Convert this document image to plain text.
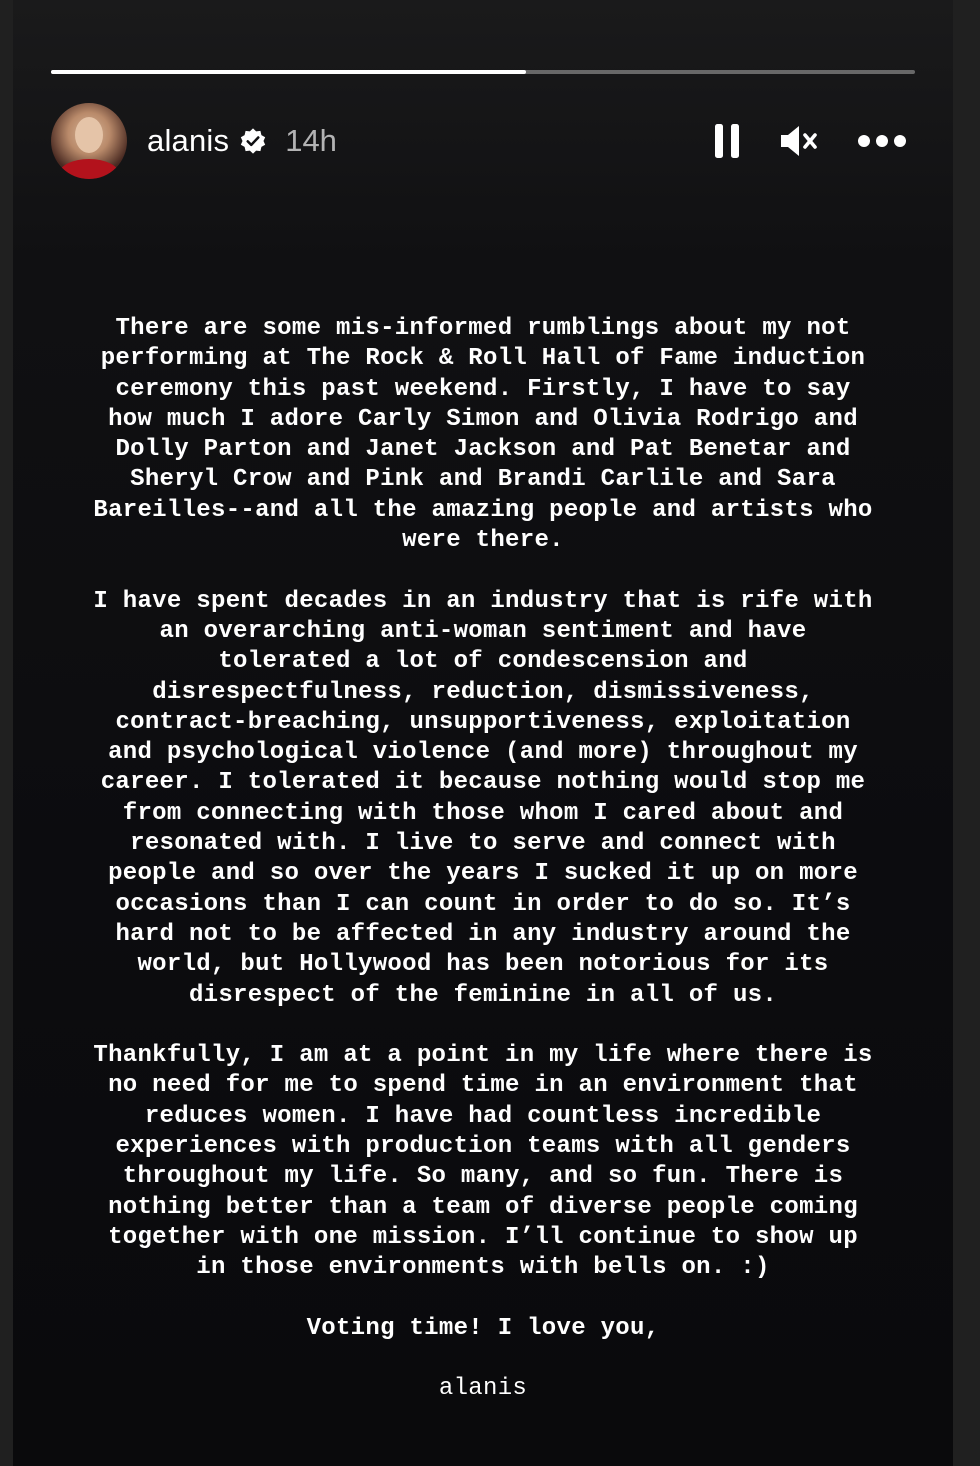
alanis 14h
There are some mis-informed rumblings about my not
performing at The Rock & Roll Hall of Fame induction
ceremony this past weekend. Firstly, I have to say
how much I adore Carly Simon and Olivia Rodrigo and
Dolly Parton and Janet Jackson and Pat Benetar and
Sheryl Crow and Pink and Brandi Carlile and Sara
Bareilles--and all the amazing people and artists who
were there.
I have spent decades in an industry that is rife with
an overarching anti-woman sentiment and have
tolerated a lot of condescension and
disrespectfulness, reduction, dismissiveness,
contract-breaching, unsupportiveness, exploitation
and psychological violence (and more) throughout my
career. I tolerated it because nothing would stop me
from connecting with those whom I cared about and
resonated with. I live to serve and connect with
people and so over the years I sucked it up on more
occasions than I can count in order to do so. It’s
hard not to be affected in any industry around the
world, but Hollywood has been notorious for its
disrespect of the feminine in all of us.
Thankfully, I am at a point in my life where there is
no need for me to spend time in an environment that
reduces women. I have had countless incredible
experiences with production teams with all genders
throughout my life. So many, and so fun. There is
nothing better than a team of diverse people coming
together with one mission. I’ll continue to show up
in those environments with bells on. :)
Voting time! I love you,
alanis
